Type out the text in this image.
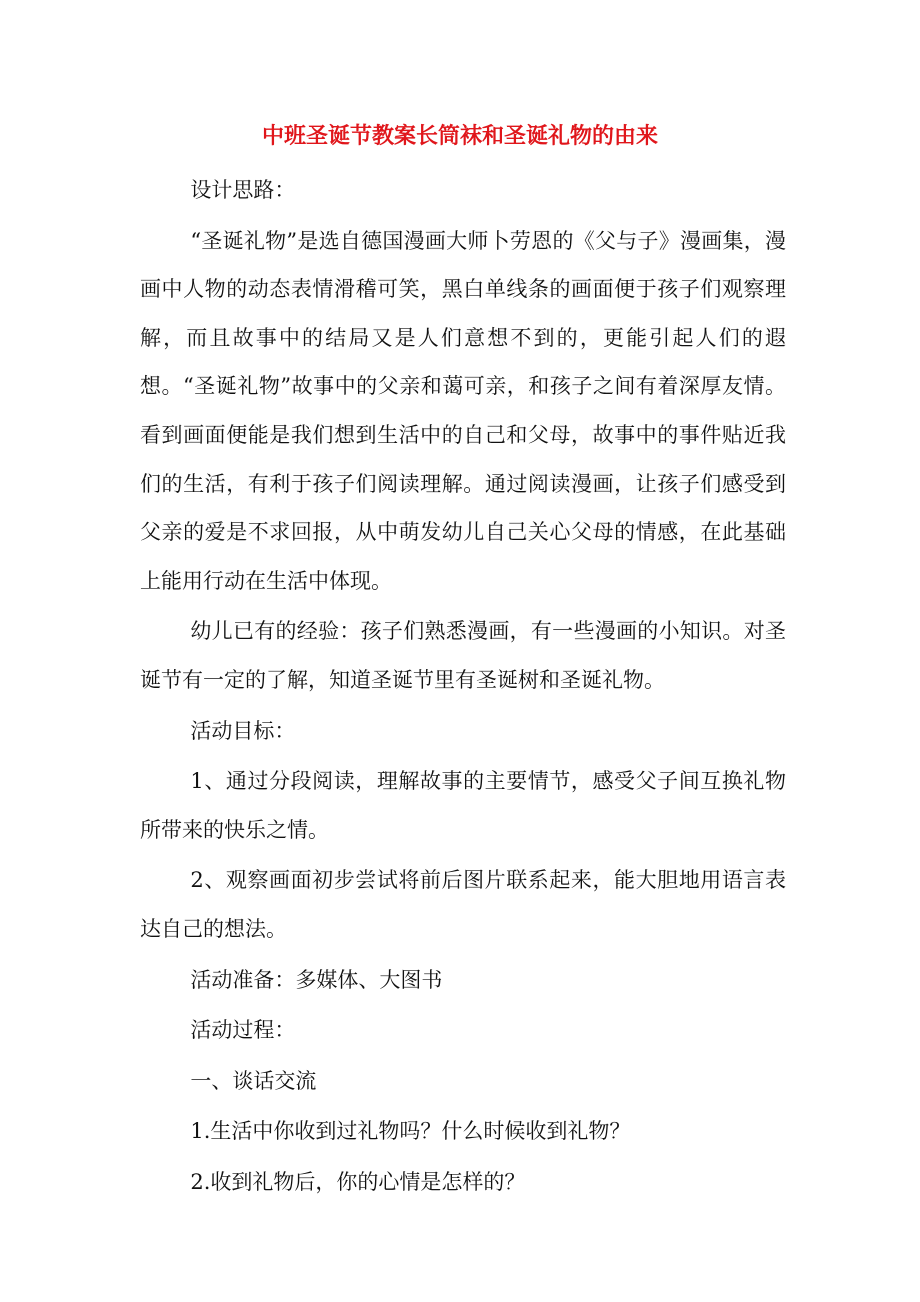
中班圣诞节教案长筒袜和圣诞礼物的由来

设计思路：

“圣诞礼物”是选自德国漫画大师卜劳恩的《父与子》漫画集，漫画中人物的动态表情滑稽可笑，黑白单线条的画面便于孩子们观察理解，而且故事中的结局又是人们意想不到的，更能引起人们的遐想。“圣诞礼物”故事中的父亲和蔼可亲，和孩子之间有着深厚友情。看到画面便能是我们想到生活中的自己和父母，故事中的事件贴近我们的生活，有利于孩子们阅读理解。通过阅读漫画，让孩子们感受到父亲的爱是不求回报，从中萌发幼儿自己关心父母的情感，在此基础上能用行动在生活中体现。

幼儿已有的经验：孩子们熟悉漫画，有一些漫画的小知识。对圣诞节有一定的了解，知道圣诞节里有圣诞树和圣诞礼物。

活动目标：

1、通过分段阅读，理解故事的主要情节，感受父子间互换礼物所带来的快乐之情。

2、观察画面初步尝试将前后图片联系起来，能大胆地用语言表达自己的想法。

活动准备：多媒体、大图书

活动过程：

一、谈话交流

1.生活中你收到过礼物吗？什么时候收到礼物？

2.收到礼物后，你的心情是怎样的？
